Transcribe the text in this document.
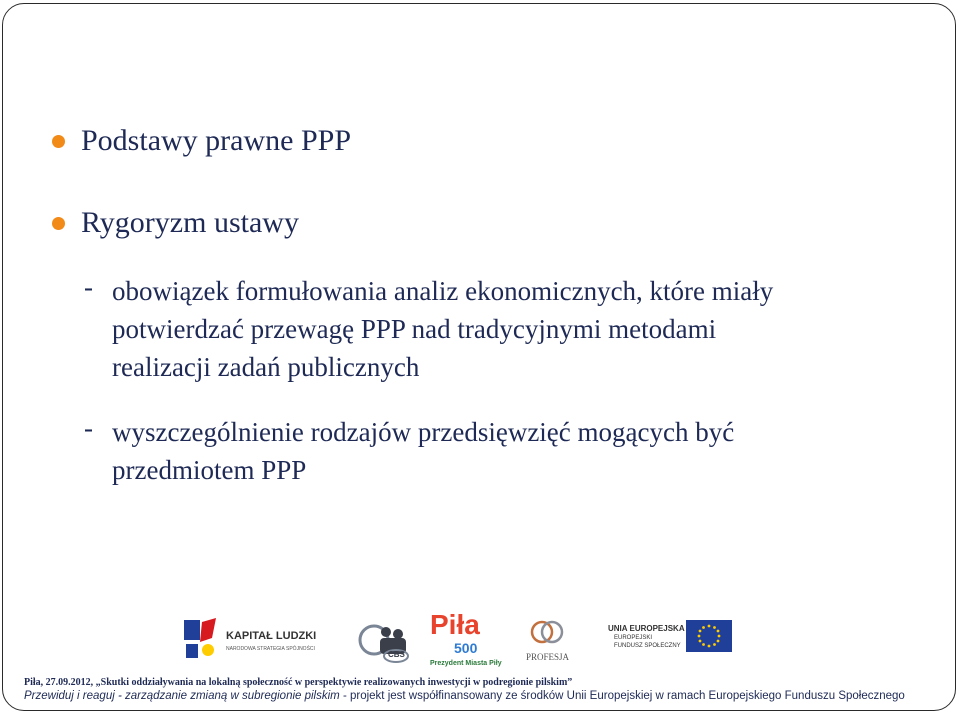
Podstawy prawne PPP
Rygoryzm ustawy
- obowiązek formułowania analiz ekonomicznych, które miały
potwierdzać przewagę PPP nad tradycyjnymi metodami
realizacji zadań publicznych
- wyszczególnienie rodzajów przedsięwzięć mogących być
przedmiotem PPP
KAPITAŁ LUDZKI
NARODOWA STRATEGIA SPÓJNOŚCI
CBS
Piła
500
Prezydent Miasta Piły
PROFESJA
UNIA EUROPEJSKA
EUROPEJSKI
FUNDUSZ SPOŁECZNY
Piła, 27.09.2012, „Skutki oddziaływania na lokalną społeczność w perspektywie realizowanych inwestycji w podregionie pilskim”
Przewiduj i reaguj - zarządzanie zmianą w subregionie pilskim - projekt jest współfinansowany ze środków Unii Europejskiej w ramach Europejskiego Funduszu Społecznego
